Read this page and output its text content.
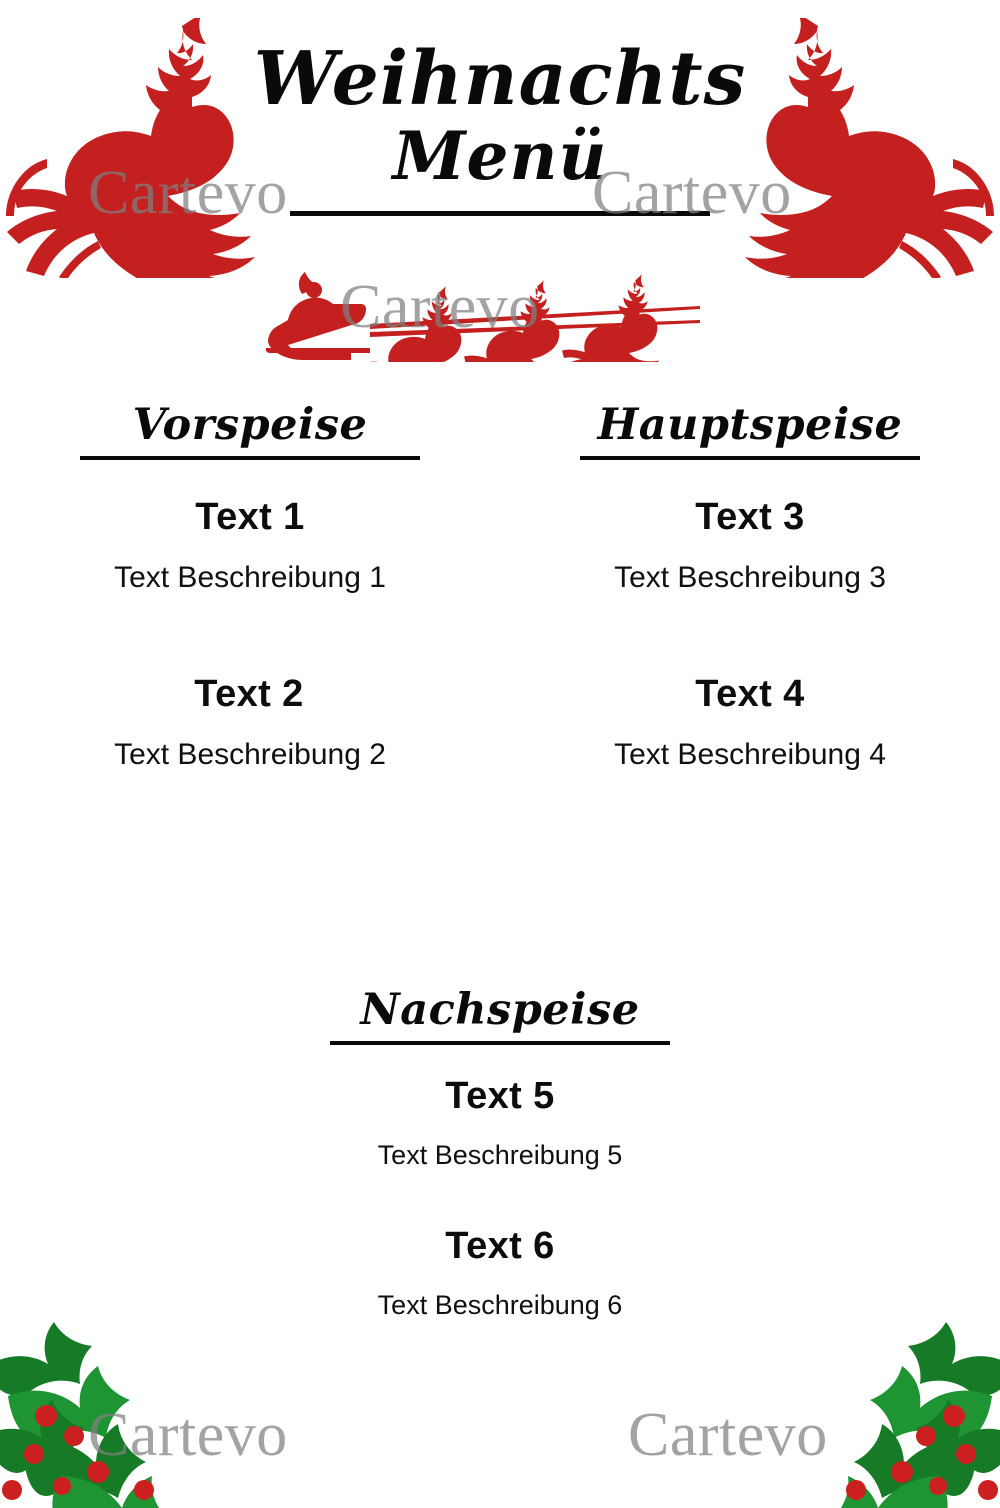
Weihnachts
Menü
Vorspeise
Text 1
Text Beschreibung 1
Text 2
Text Beschreibung 2
Hauptspeise
Text 3
Text Beschreibung 3
Text 4
Text Beschreibung 4
Nachspeise
Text 5
Text Beschreibung 5
Text 6
Text Beschreibung 6
Cartevo	Cartevo
Cartevo
Cartevo	Cartevo
